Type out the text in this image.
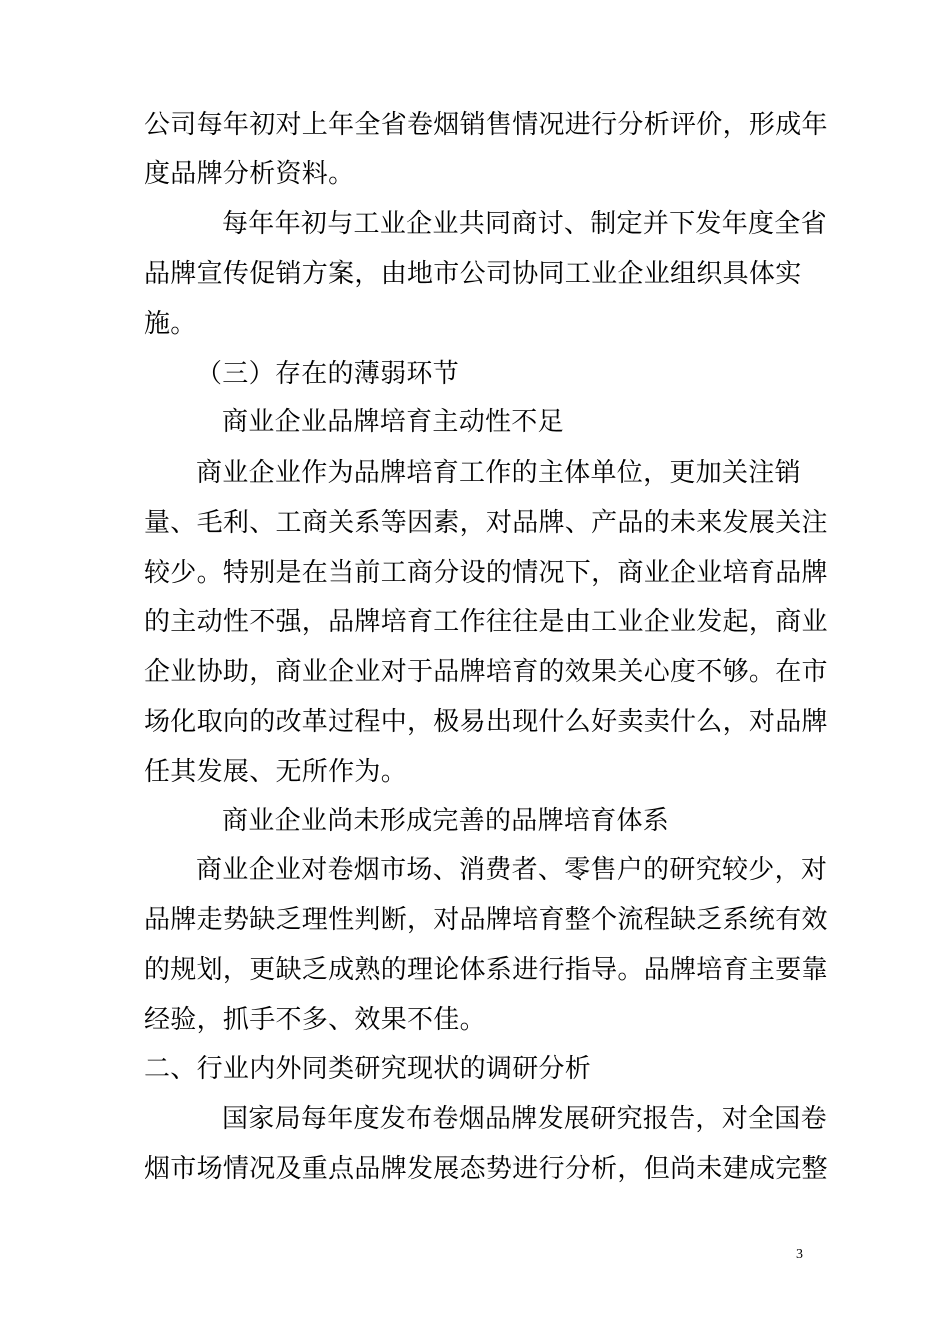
公司每年初对上年全省卷烟销售情况进行分析评价，形成年
度品牌分析资料。
每年年初与工业企业共同商讨、制定并下发年度全省
品牌宣传促销方案，由地市公司协同工业企业组织具体实
施。
（三）存在的薄弱环节
商业企业品牌培育主动性不足
商业企业作为品牌培育工作的主体单位，更加关注销
量、毛利、工商关系等因素，对品牌、产品的未来发展关注
较少。特别是在当前工商分设的情况下，商业企业培育品牌
的主动性不强，品牌培育工作往往是由工业企业发起，商业
企业协助，商业企业对于品牌培育的效果关心度不够。在市
场化取向的改革过程中，极易出现什么好卖卖什么，对品牌
任其发展、无所作为。
商业企业尚未形成完善的品牌培育体系
商业企业对卷烟市场、消费者、零售户的研究较少，对
品牌走势缺乏理性判断，对品牌培育整个流程缺乏系统有效
的规划，更缺乏成熟的理论体系进行指导。品牌培育主要靠
经验，抓手不多、效果不佳。
二、行业内外同类研究现状的调研分析
国家局每年度发布卷烟品牌发展研究报告，对全国卷
烟市场情况及重点品牌发展态势进行分析，但尚未建成完整
3
